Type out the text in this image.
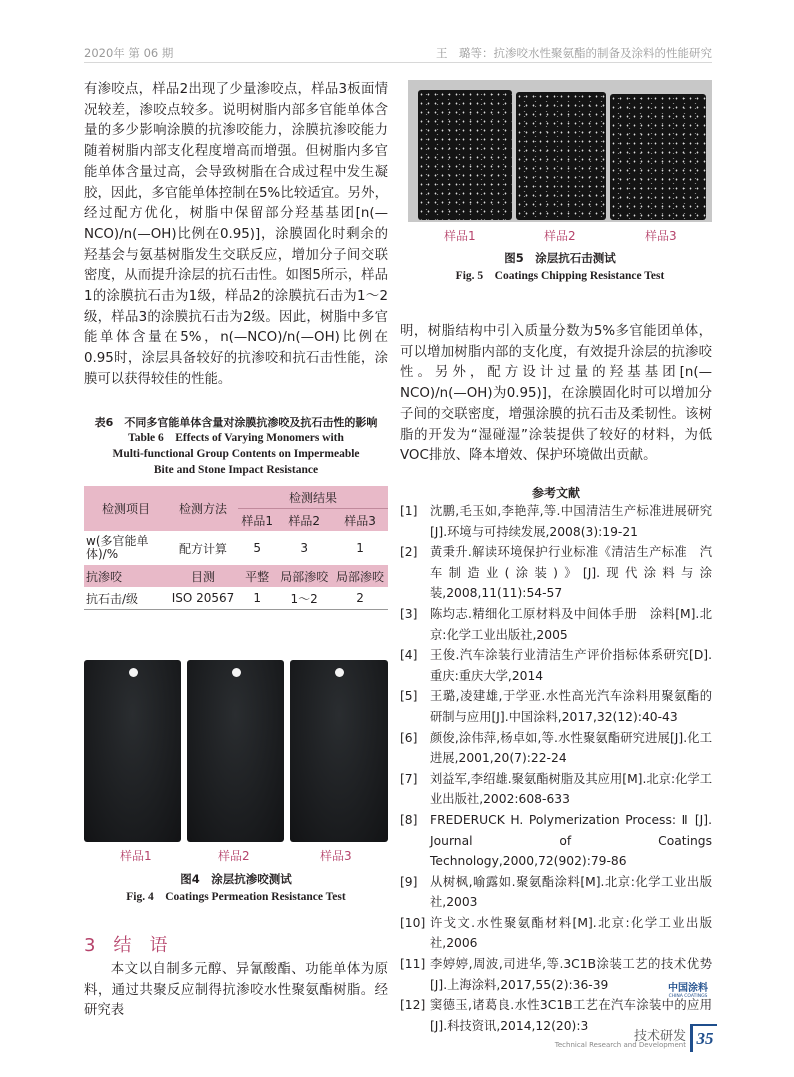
2020年 第 06 期	王　璐等：抗渗咬水性聚氨酯的制备及涂料的性能研究

有渗咬点，样品2出现了少量渗咬点，样品3板面情况较差，渗咬点较多。说明树脂内部多官能单体含量的多少影响涂膜的抗渗咬能力，涂膜抗渗咬能力随着树脂内部支化程度增高而增强。但树脂内多官能单体含量过高，会导致树脂在合成过程中发生凝胶，因此，多官能单体控制在5%比较适宜。另外，经过配方优化，树脂中保留部分羟基基团[n(—NCO)/n(—OH)比例在0.95)]，涂膜固化时剩余的羟基会与氨基树脂发生交联反应，增加分子间交联密度，从而提升涂层的抗石击性。如图5所示，样品1的涂膜抗石击为1级，样品2的涂膜抗石击为1～2级，样品3的涂膜抗石击为2级。因此，树脂中多官能单体含量在5%，n(—NCO)/n(—OH)比例在0.95时，涂层具备较好的抗渗咬和抗石击性能，涂膜可以获得较佳的性能。

表6　不同多官能单体含量对涂膜抗渗咬及抗石击性的影响
Table 6　Effects of Varying Monomers with
Multi-functional Group Contents on Impermeable
Bite and Stone Impact Resistance
检测项目	检测方法	检测结果		
		样品1	样品2	样品3
w(多官能单体)/%	配方计算	5	3	1
抗渗咬	目测	平整	局部渗咬	局部渗咬
抗石击/级	ISO 20567	1	1～2	2
样品1	样品2	样品3
图4　涂层抗渗咬测试
Fig. 4　Coatings Permeation Resistance Test
3　结　语

本文以自制多元醇、异氰酸酯、功能单体为原料，通过共聚反应制得抗渗咬水性聚氨酯树脂。经研究表

样品1	样品2	样品3
图5　涂层抗石击测试
Fig. 5　Coatings Chipping Resistance Test

明，树脂结构中引入质量分数为5%多官能团单体，可以增加树脂内部的支化度，有效提升涂层的抗渗咬性。另外，配方设计过量的羟基基团[n(—NCO)/n(—OH)为0.95)]，在涂膜固化时可以增加分子间的交联密度，增强涂膜的抗石击及柔韧性。该树脂的开发为“湿碰湿”涂装提供了较好的材料，为低VOC排放、降本增效、保护环境做出贡献。

参考文献
[1]	沈鹏,毛玉如,李艳萍,等.中国清洁生产标准进展研究[J].环境与可持续发展,2008(3):19-21
[2]	黄秉升.解读环境保护行业标准《清洁生产标准　汽车制造业(涂装)》[J].现代涂料与涂装,2008,11(11):54-57
[3]	陈均志.精细化工原材料及中间体手册　涂料[M].北京:化学工业出版社,2005
[4]	王俊.汽车涂装行业清洁生产评价指标体系研究[D].重庆:重庆大学,2014
[5]	王璐,凌建雄,于学亚.水性高光汽车涂料用聚氨酯的研制与应用[J].中国涂料,2017,32(12):40-43
[6]	颜俊,涂伟萍,杨卓如,等.水性聚氨酯研究进展[J].化工进展,2001,20(7):22-24
[7]	刘益军,李绍雄.聚氨酯树脂及其应用[M].北京:化学工业出版社,2002:608-633
[8]	FREDERUCK H. Polymerization Process: Ⅱ [J]. Journal of Coatings Technology,2000,72(902):79-86
[9]	从树枫,喻露如.聚氨酯涂料[M].北京:化学工业出版社,2003
[10] 许戈文.水性聚氨酯材料[M].北京:化学工业出版社,2006
[11] 李婷婷,周波,司进华,等.3C1B涂装工艺的技术优势[J].上海涂料,2017,55(2):36-39
[12] 窦德玉,诸葛良.水性3C1B工艺在汽车涂装中的应用[J].科技资讯,2014,12(20):3
中国涂料
CHINA COATINGS
技术研发
Technical Research and Development 35
